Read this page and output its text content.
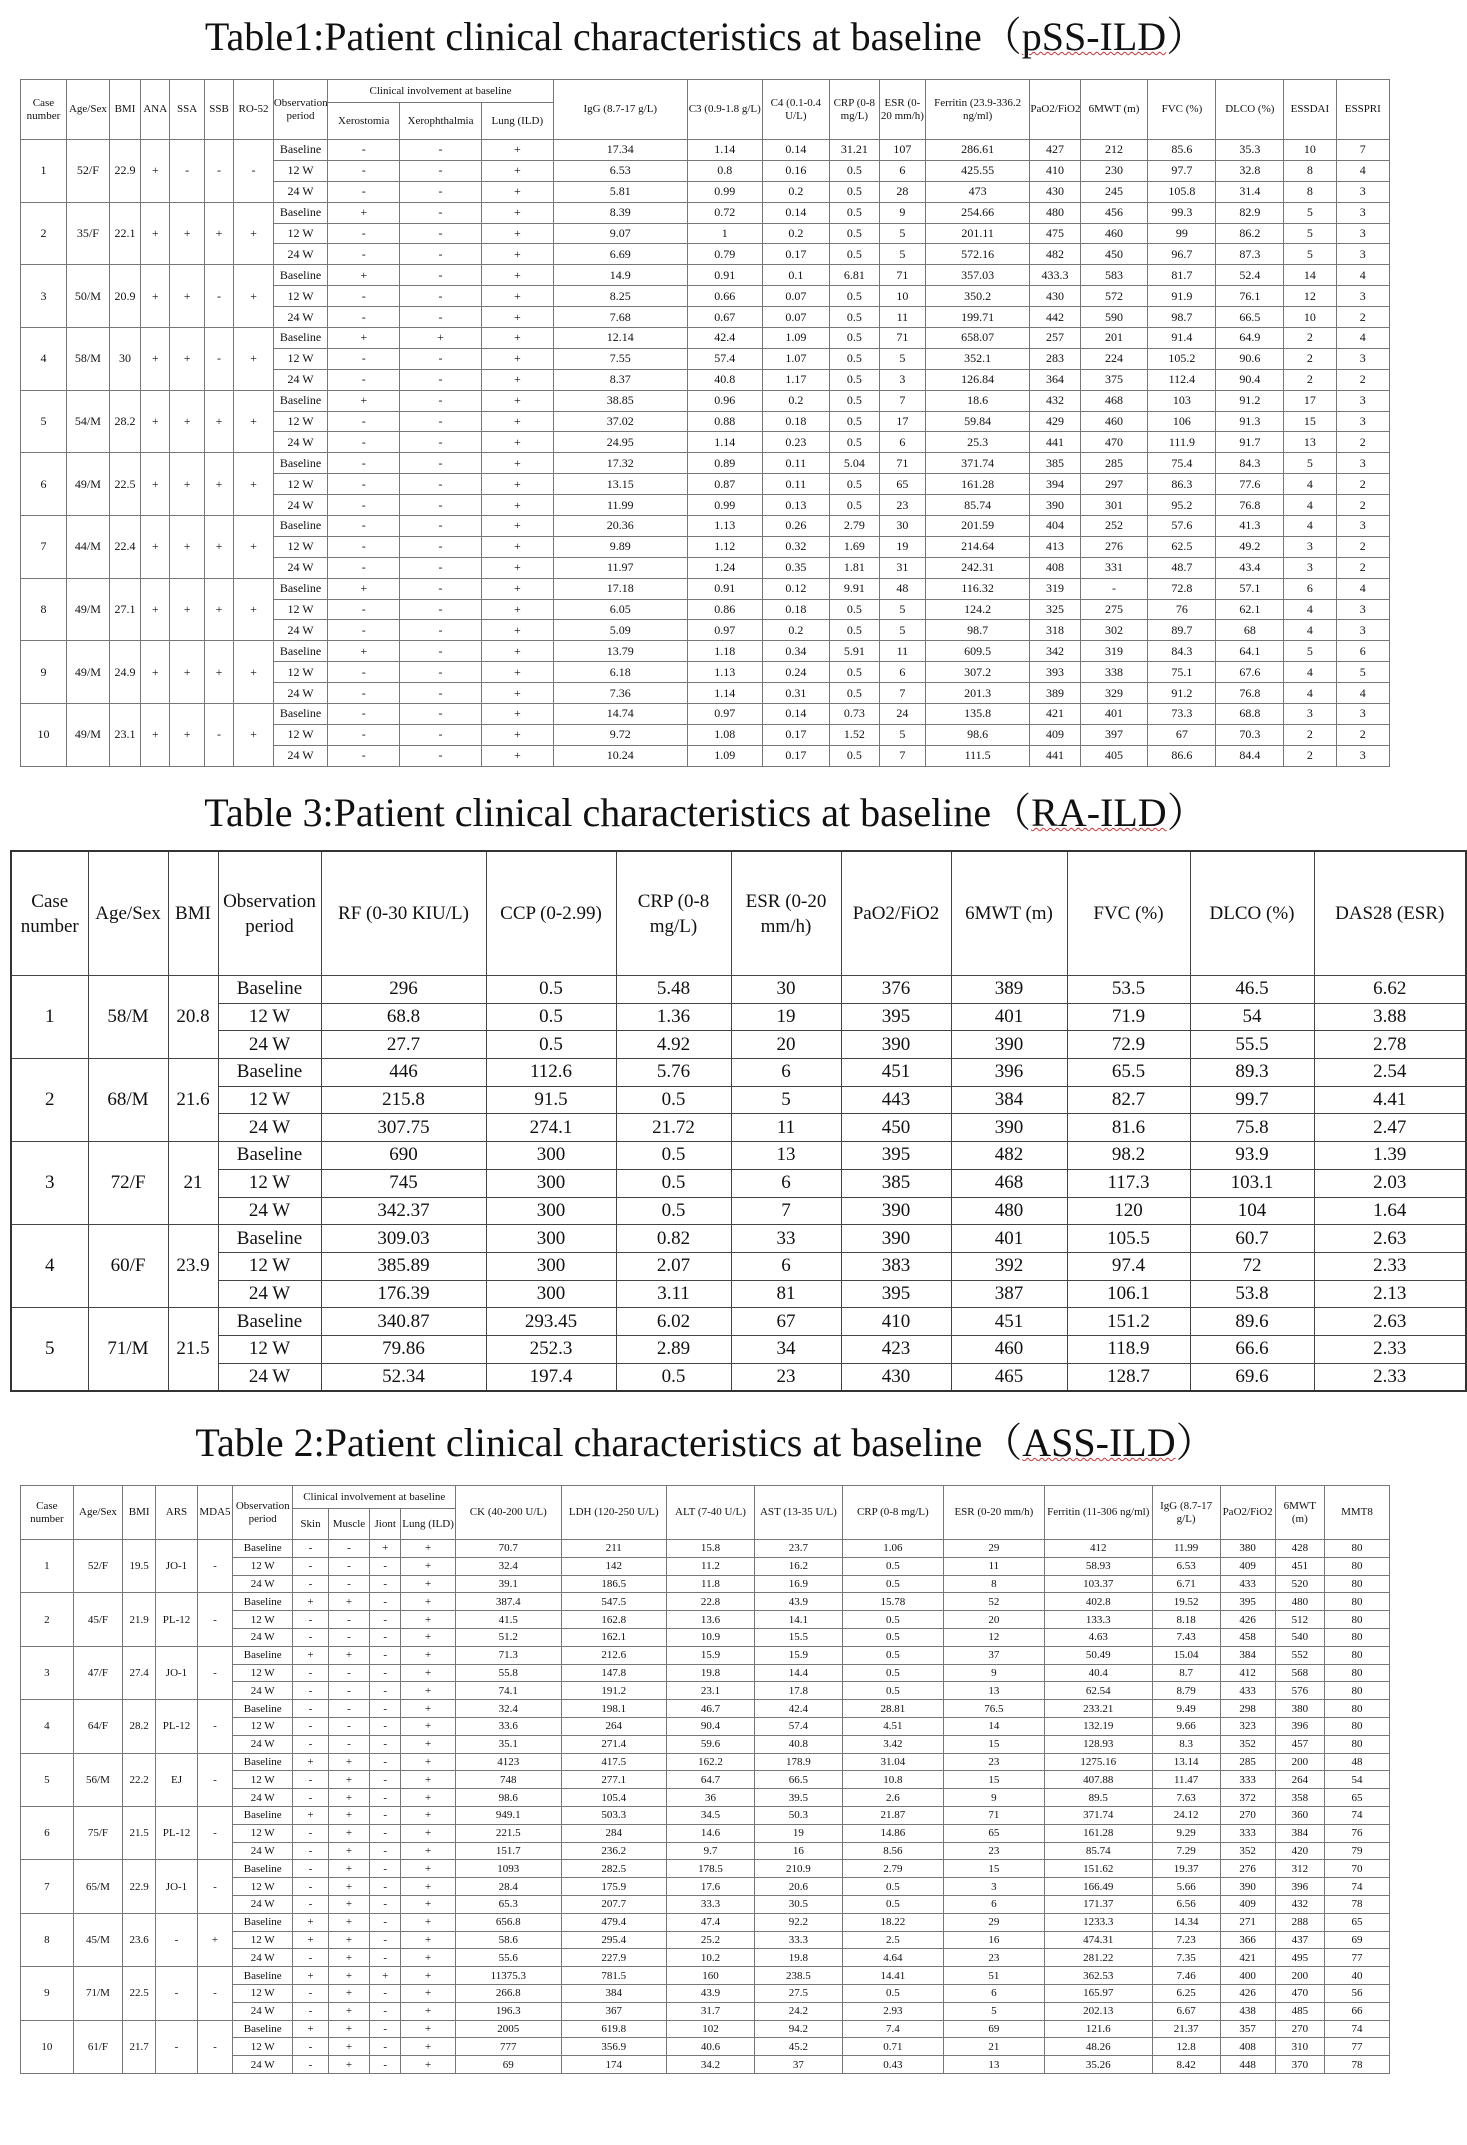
Table1:Patient clinical characteristics at baseline（pSS-ILD）
Case number	Age/Sex	BMI	ANA	SSA	SSB	RO-52	Observation period	Clinical involvement at baseline			IgG (8.7-17 g/L)	C3 (0.9-1.8 g/L)	C4 (0.1-0.4 U/L)	CRP (0-8 mg/L)	ESR (0-20 mm/h)	Ferritin (23.9-336.2 ng/ml)	PaO2/FiO2	6MWT (m)	FVC (%)	DLCO (%)	ESSDAI	ESSPRI
								Xerostomia	Xerophthalmia	Lung (ILD)												
1	52/F	22.9	+	-	-	-	Baseline	-	-	+	17.34	1.14	0.14	31.21	107	286.61	427	212	85.6	35.3	10	7
							12 W	-	-	+	6.53	0.8	0.16	0.5	6	425.55	410	230	97.7	32.8	8	4
							24 W	-	-	+	5.81	0.99	0.2	0.5	28	473	430	245	105.8	31.4	8	3
2	35/F	22.1	+	+	+	+	Baseline	+	-	+	8.39	0.72	0.14	0.5	9	254.66	480	456	99.3	82.9	5	3
							12 W	-	-	+	9.07	1	0.2	0.5	5	201.11	475	460	99	86.2	5	3
							24 W	-	-	+	6.69	0.79	0.17	0.5	5	572.16	482	450	96.7	87.3	5	3
3	50/M	20.9	+	+	-	+	Baseline	+	-	+	14.9	0.91	0.1	6.81	71	357.03	433.3	583	81.7	52.4	14	4
							12 W	-	-	+	8.25	0.66	0.07	0.5	10	350.2	430	572	91.9	76.1	12	3
							24 W	-	-	+	7.68	0.67	0.07	0.5	11	199.71	442	590	98.7	66.5	10	2
4	58/M	30	+	+	-	+	Baseline	+	+	+	12.14	42.4	1.09	0.5	71	658.07	257	201	91.4	64.9	2	4
							12 W	-	-	+	7.55	57.4	1.07	0.5	5	352.1	283	224	105.2	90.6	2	3
							24 W	-	-	+	8.37	40.8	1.17	0.5	3	126.84	364	375	112.4	90.4	2	2
5	54/M	28.2	+	+	+	+	Baseline	+	-	+	38.85	0.96	0.2	0.5	7	18.6	432	468	103	91.2	17	3
							12 W	-	-	+	37.02	0.88	0.18	0.5	17	59.84	429	460	106	91.3	15	3
							24 W	-	-	+	24.95	1.14	0.23	0.5	6	25.3	441	470	111.9	91.7	13	2
6	49/M	22.5	+	+	+	+	Baseline	-	-	+	17.32	0.89	0.11	5.04	71	371.74	385	285	75.4	84.3	5	3
							12 W	-	-	+	13.15	0.87	0.11	0.5	65	161.28	394	297	86.3	77.6	4	2
							24 W	-	-	+	11.99	0.99	0.13	0.5	23	85.74	390	301	95.2	76.8	4	2
7	44/M	22.4	+	+	+	+	Baseline	-	-	+	20.36	1.13	0.26	2.79	30	201.59	404	252	57.6	41.3	4	3
							12 W	-	-	+	9.89	1.12	0.32	1.69	19	214.64	413	276	62.5	49.2	3	2
							24 W	-	-	+	11.97	1.24	0.35	1.81	31	242.31	408	331	48.7	43.4	3	2
8	49/M	27.1	+	+	+	+	Baseline	+	-	+	17.18	0.91	0.12	9.91	48	116.32	319	-	72.8	57.1	6	4
							12 W	-	-	+	6.05	0.86	0.18	0.5	5	124.2	325	275	76	62.1	4	3
							24 W	-	-	+	5.09	0.97	0.2	0.5	5	98.7	318	302	89.7	68	4	3
9	49/M	24.9	+	+	+	+	Baseline	+	-	+	13.79	1.18	0.34	5.91	11	609.5	342	319	84.3	64.1	5	6
							12 W	-	-	+	6.18	1.13	0.24	0.5	6	307.2	393	338	75.1	67.6	4	5
							24 W	-	-	+	7.36	1.14	0.31	0.5	7	201.3	389	329	91.2	76.8	4	4
10	49/M	23.1	+	+	-	+	Baseline	-	-	+	14.74	0.97	0.14	0.73	24	135.8	421	401	73.3	68.8	3	3
							12 W	-	-	+	9.72	1.08	0.17	1.52	5	98.6	409	397	67	70.3	2	2
							24 W	-	-	+	10.24	1.09	0.17	0.5	7	111.5	441	405	86.6	84.4	2	3
Table 3:Patient clinical characteristics at baseline（RA-ILD）
Case number	Age/Sex	BMI	Observation period	RF (0-30 KIU/L)	CCP (0-2.99)	CRP (0-8 mg/L)	ESR (0-20 mm/h)	PaO2/FiO2	6MWT (m)	FVC (%)	DLCO (%)	DAS28 (ESR)
1	58/M	20.8	Baseline	296	0.5	5.48	30	376	389	53.5	46.5	6.62
			12 W	68.8	0.5	1.36	19	395	401	71.9	54	3.88
			24 W	27.7	0.5	4.92	20	390	390	72.9	55.5	2.78
2	68/M	21.6	Baseline	446	112.6	5.76	6	451	396	65.5	89.3	2.54
			12 W	215.8	91.5	0.5	5	443	384	82.7	99.7	4.41
			24 W	307.75	274.1	21.72	11	450	390	81.6	75.8	2.47
3	72/F	21	Baseline	690	300	0.5	13	395	482	98.2	93.9	1.39
			12 W	745	300	0.5	6	385	468	117.3	103.1	2.03
			24 W	342.37	300	0.5	7	390	480	120	104	1.64
4	60/F	23.9	Baseline	309.03	300	0.82	33	390	401	105.5	60.7	2.63
			12 W	385.89	300	2.07	6	383	392	97.4	72	2.33
			24 W	176.39	300	3.11	81	395	387	106.1	53.8	2.13
5	71/M	21.5	Baseline	340.87	293.45	6.02	67	410	451	151.2	89.6	2.63
			12 W	79.86	252.3	2.89	34	423	460	118.9	66.6	2.33
			24 W	52.34	197.4	0.5	23	430	465	128.7	69.6	2.33
Table 2:Patient clinical characteristics at baseline（ASS-ILD）
Case number	Age/Sex	BMI	ARS	MDA5	Observation period	Clinical involvement at baseline				CK (40-200 U/L)	LDH (120-250 U/L)	ALT (7-40 U/L)	AST (13-35 U/L)	CRP (0-8 mg/L)	ESR (0-20 mm/h)	Ferritin (11-306 ng/ml)	IgG (8.7-17 g/L)	PaO2/FiO2	6MWT (m)	MMT8
						Skin	Muscle	Jiont	Lung (ILD)											
1	52/F	19.5	JO-1	-	Baseline	-	-	+	+	70.7	211	15.8	23.7	1.06	29	412	11.99	380	428	80
					12 W	-	-	-	+	32.4	142	11.2	16.2	0.5	11	58.93	6.53	409	451	80
					24 W	-	-	-	+	39.1	186.5	11.8	16.9	0.5	8	103.37	6.71	433	520	80
2	45/F	21.9	PL-12	-	Baseline	+	+	-	+	387.4	547.5	22.8	43.9	15.78	52	402.8	19.52	395	480	80
					12 W	-	-	-	+	41.5	162.8	13.6	14.1	0.5	20	133.3	8.18	426	512	80
					24 W	-	-	-	+	51.2	162.1	10.9	15.5	0.5	12	4.63	7.43	458	540	80
3	47/F	27.4	JO-1	-	Baseline	+	+	-	+	71.3	212.6	15.9	15.9	0.5	37	50.49	15.04	384	552	80
					12 W	-	-	-	+	55.8	147.8	19.8	14.4	0.5	9	40.4	8.7	412	568	80
					24 W	-	-	-	+	74.1	191.2	23.1	17.8	0.5	13	62.54	8.79	433	576	80
4	64/F	28.2	PL-12	-	Baseline	-	-	-	+	32.4	198.1	46.7	42.4	28.81	76.5	233.21	9.49	298	380	80
					12 W	-	-	-	+	33.6	264	90.4	57.4	4.51	14	132.19	9.66	323	396	80
					24 W	-	-	-	+	35.1	271.4	59.6	40.8	3.42	15	128.93	8.3	352	457	80
5	56/M	22.2	EJ	-	Baseline	+	+	-	+	4123	417.5	162.2	178.9	31.04	23	1275.16	13.14	285	200	48
					12 W	-	+	-	+	748	277.1	64.7	66.5	10.8	15	407.88	11.47	333	264	54
					24 W	-	+	-	+	98.6	105.4	36	39.5	2.6	9	89.5	7.63	372	358	65
6	75/F	21.5	PL-12	-	Baseline	+	+	-	+	949.1	503.3	34.5	50.3	21.87	71	371.74	24.12	270	360	74
					12 W	-	+	-	+	221.5	284	14.6	19	14.86	65	161.28	9.29	333	384	76
					24 W	-	+	-	+	151.7	236.2	9.7	16	8.56	23	85.74	7.29	352	420	79
7	65/M	22.9	JO-1	-	Baseline	-	+	-	+	1093	282.5	178.5	210.9	2.79	15	151.62	19.37	276	312	70
					12 W	-	+	-	+	28.4	175.9	17.6	20.6	0.5	3	166.49	5.66	390	396	74
					24 W	-	+	-	+	65.3	207.7	33.3	30.5	0.5	6	171.37	6.56	409	432	78
8	45/M	23.6	-	+	Baseline	+	+	-	+	656.8	479.4	47.4	92.2	18.22	29	1233.3	14.34	271	288	65
					12 W	+	+	-	+	58.6	295.4	25.2	33.3	2.5	16	474.31	7.23	366	437	69
					24 W	-	+	-	+	55.6	227.9	10.2	19.8	4.64	23	281.22	7.35	421	495	77
9	71/M	22.5	-	-	Baseline	+	+	+	+	11375.3	781.5	160	238.5	14.41	51	362.53	7.46	400	200	40
					12 W	-	+	-	+	266.8	384	43.9	27.5	0.5	6	165.97	6.25	426	470	56
					24 W	-	+	-	+	196.3	367	31.7	24.2	2.93	5	202.13	6.67	438	485	66
10	61/F	21.7	-	-	Baseline	+	+	-	+	2005	619.8	102	94.2	7.4	69	121.6	21.37	357	270	74
					12 W	-	+	-	+	777	356.9	40.6	45.2	0.71	21	48.26	12.8	408	310	77
					24 W	-	+	-	+	69	174	34.2	37	0.43	13	35.26	8.42	448	370	78
